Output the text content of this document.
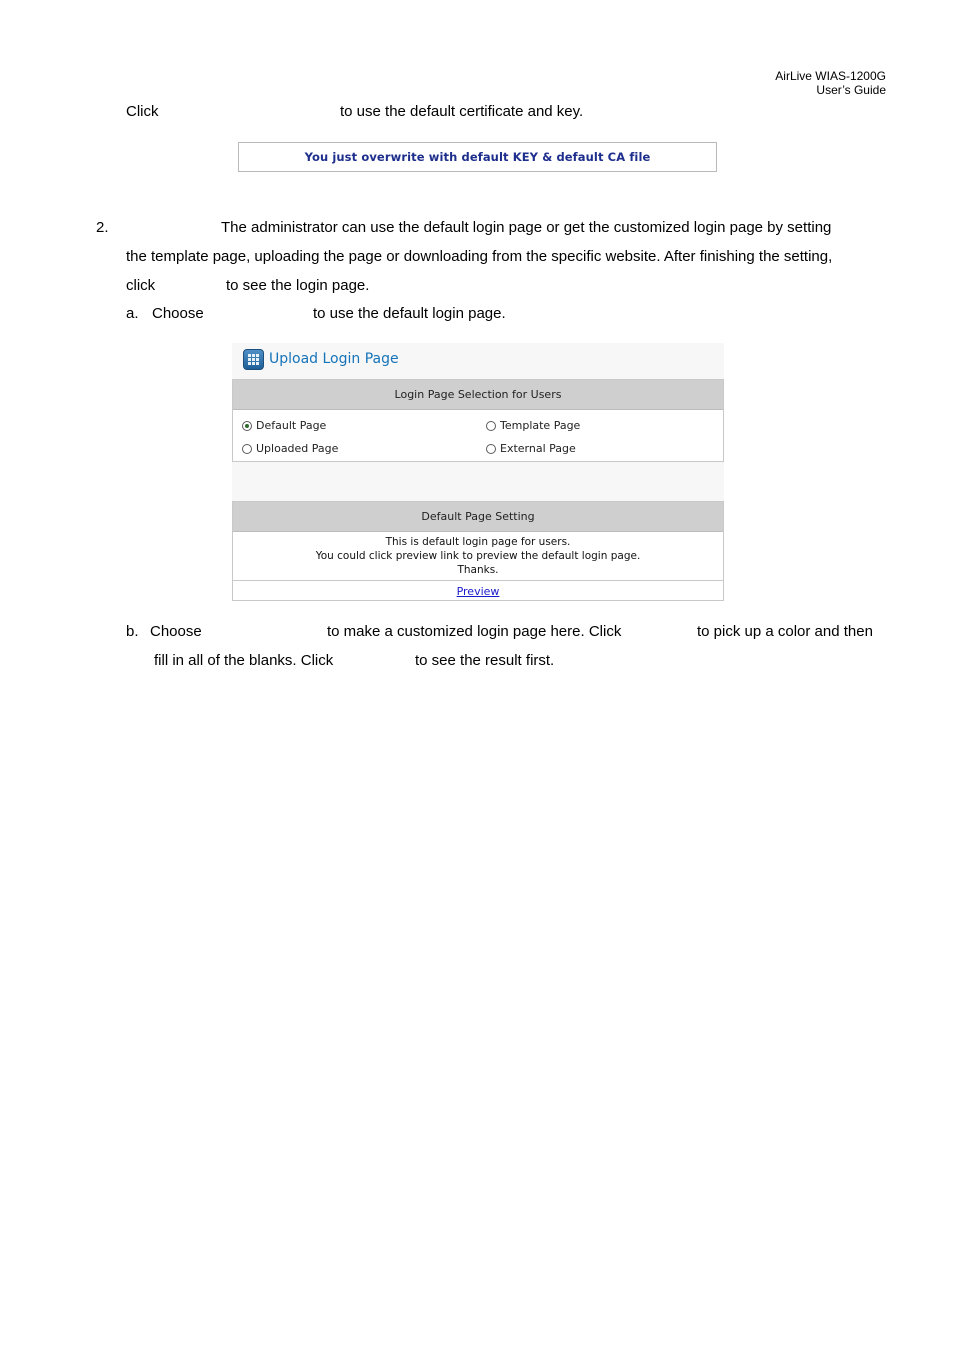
AirLive WIAS-1200G
User’s Guide
Click	to use the default certificate and key.
You just overwrite with default KEY & default CA file
2.	The administrator can use the default login page or get the customized login page by setting
the template page, uploading the page or downloading from the specific website. After finishing the setting,
click	to see the login page.
a. Choose	to use the default login page.
Upload Login Page
Login Page Selection for Users
Default Page	Template Page
Uploaded Page	External Page
Default Page Setting
This is default login page for users.
You could click preview link to preview the default login page.
Thanks.
Preview
b. Choose	to make a customized login page here. Click	to pick up a color and then
fill in all of the blanks. Click	to see the result first.
